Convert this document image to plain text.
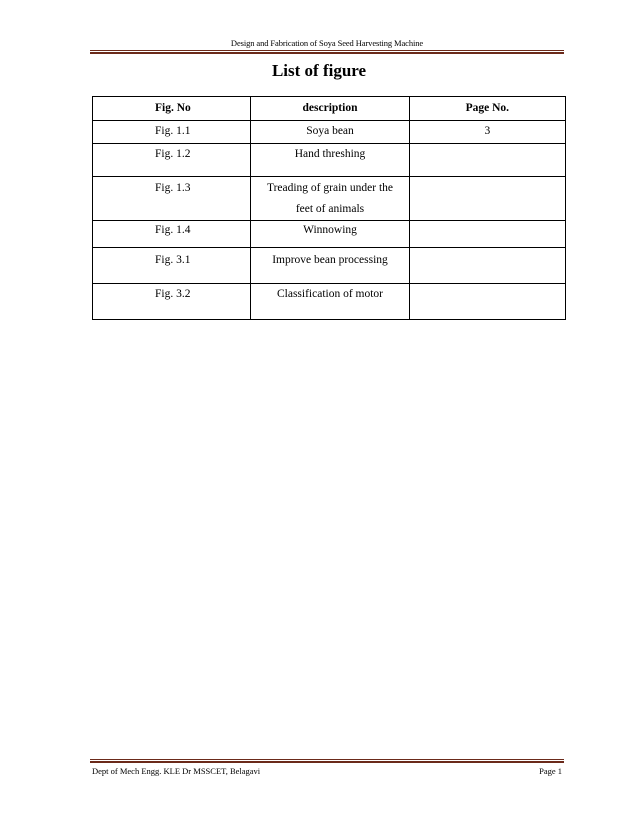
Design and Fabrication of Soya Seed Harvesting Machine
List of figure
Fig. No	description	Page No.
Fig. 1.1	Soya bean	3
Fig. 1.2	Hand threshing	
Fig. 1.3	Treading of grain under the feet of animals	
Fig. 1.4	Winnowing	
Fig. 3.1	Improve bean processing	
Fig. 3.2	Classification of motor	
Dept of Mech Engg. KLE Dr MSSCET, Belagavi	Page 1
